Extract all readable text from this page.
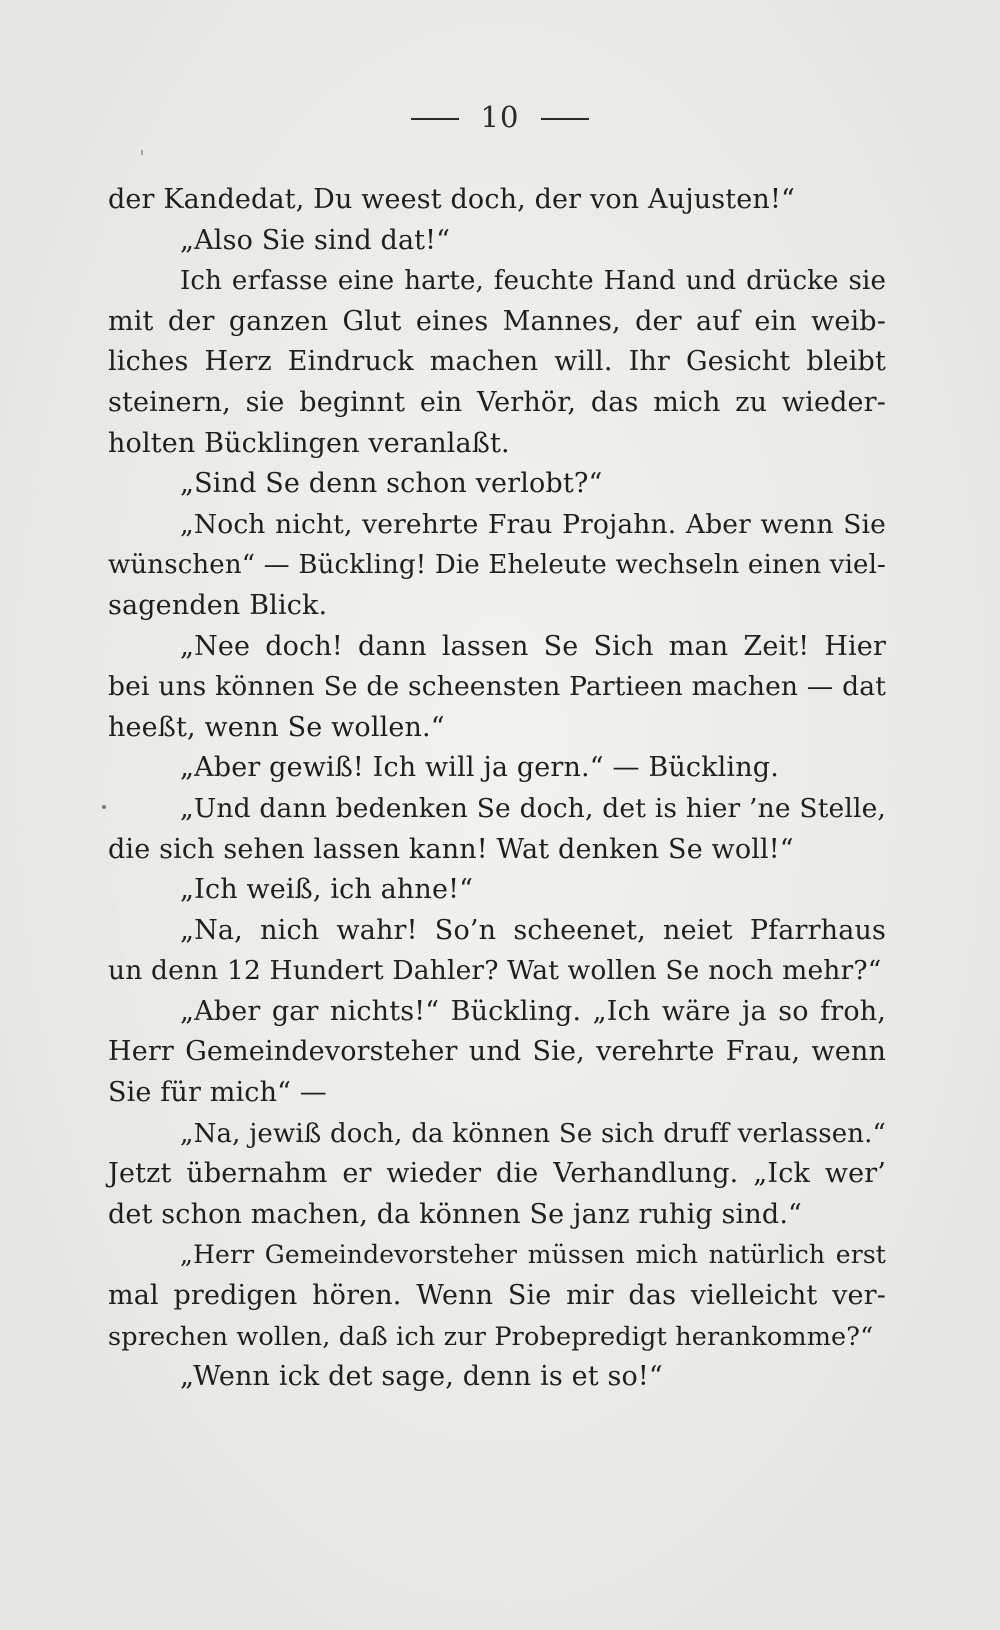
10
der Kandedat, Du weest doch, der von Aujusten!“
„Also Sie sind dat!“
Ich erfasse eine harte, feuchte Hand und drücke sie
mit der ganzen Glut eines Mannes, der auf ein weib-
liches Herz Eindruck machen will. Ihr Gesicht bleibt
steinern, sie beginnt ein Verhör, das mich zu wieder-
holten Bücklingen veranlaßt.
„Sind Se denn schon verlobt?“
„Noch nicht, verehrte Frau Projahn. Aber wenn Sie
wünschen“ — Bückling! Die Eheleute wechseln einen viel-
sagenden Blick.
„Nee doch! dann lassen Se Sich man Zeit! Hier
bei uns können Se de scheensten Partieen machen — dat
heeßt, wenn Se wollen.“
„Aber gewiß! Ich will ja gern.“ — Bückling.
„Und dann bedenken Se doch, det is hier ’ne Stelle,
die sich sehen lassen kann! Wat denken Se woll!“
„Ich weiß, ich ahne!“
„Na, nich wahr! So’n scheenet, neiet Pfarrhaus
un denn 12 Hundert Dahler? Wat wollen Se noch mehr?“
„Aber gar nichts!“ Bückling. „Ich wäre ja so froh,
Herr Gemeindevorsteher und Sie, verehrte Frau, wenn
Sie für mich“ —
„Na, jewiß doch, da können Se sich druff verlassen.“
Jetzt übernahm er wieder die Verhandlung. „Ick wer’
det schon machen, da können Se janz ruhig sind.“
„Herr Gemeindevorsteher müssen mich natürlich erst
mal predigen hören. Wenn Sie mir das vielleicht ver-
sprechen wollen, daß ich zur Probepredigt herankomme?“
„Wenn ick det sage, denn is et so!“
